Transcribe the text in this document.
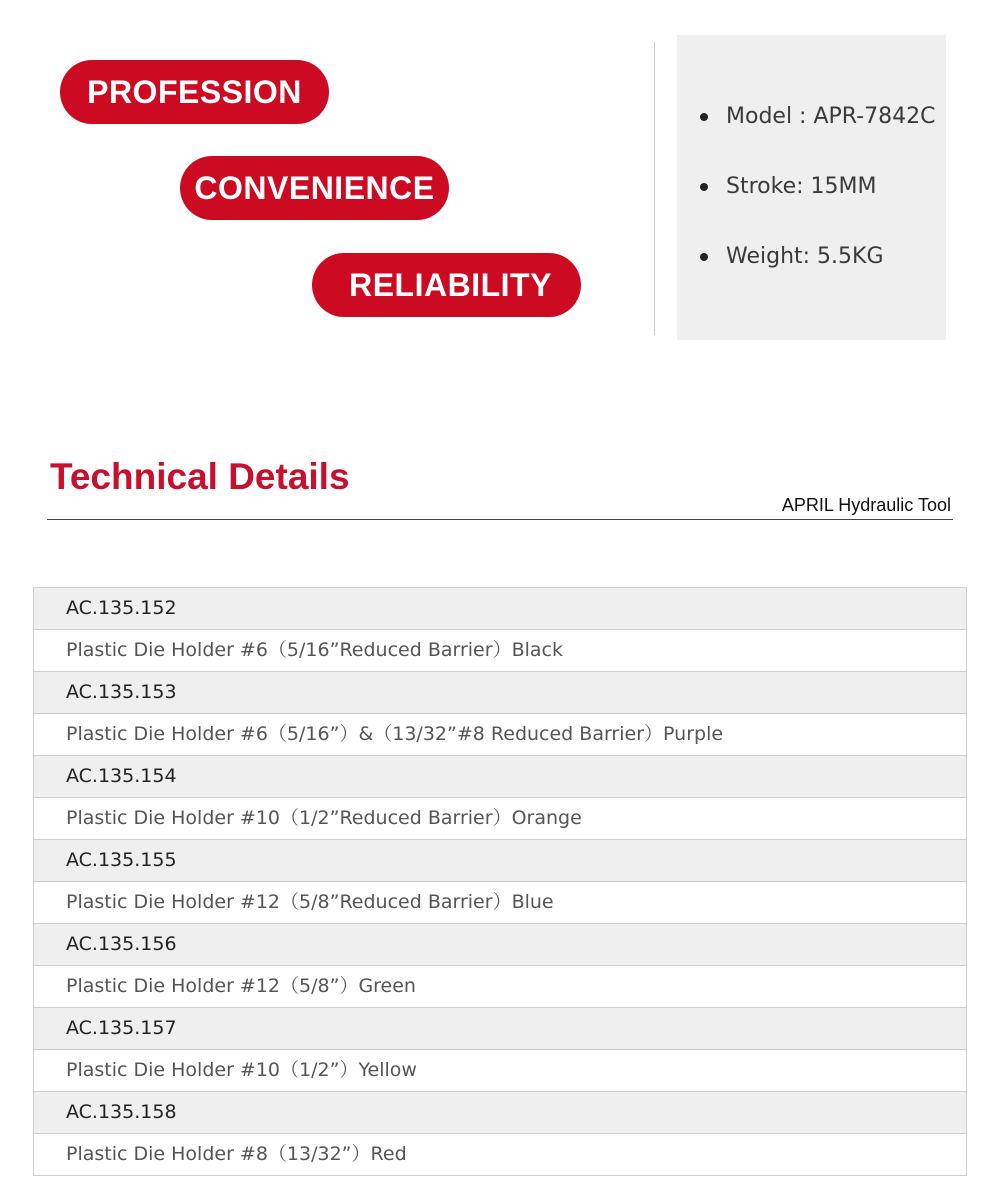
PROFESSION
CONVENIENCE
RELIABILITY
Model : APR-7842C
Stroke: 15MM
Weight: 5.5KG
Technical Details
APRIL Hydraulic Tool
AC.135.152
Plastic Die Holder #6（5/16”Reduced Barrier）Black
AC.135.153
Plastic Die Holder #6（5/16”）&（13/32”#8 Reduced Barrier）Purple
AC.135.154
Plastic Die Holder #10（1/2”Reduced Barrier）Orange
AC.135.155
Plastic Die Holder #12（5/8”Reduced Barrier）Blue
AC.135.156
Plastic Die Holder #12（5/8”）Green
AC.135.157
Plastic Die Holder #10（1/2”）Yellow
AC.135.158
Plastic Die Holder #8（13/32”）Red
